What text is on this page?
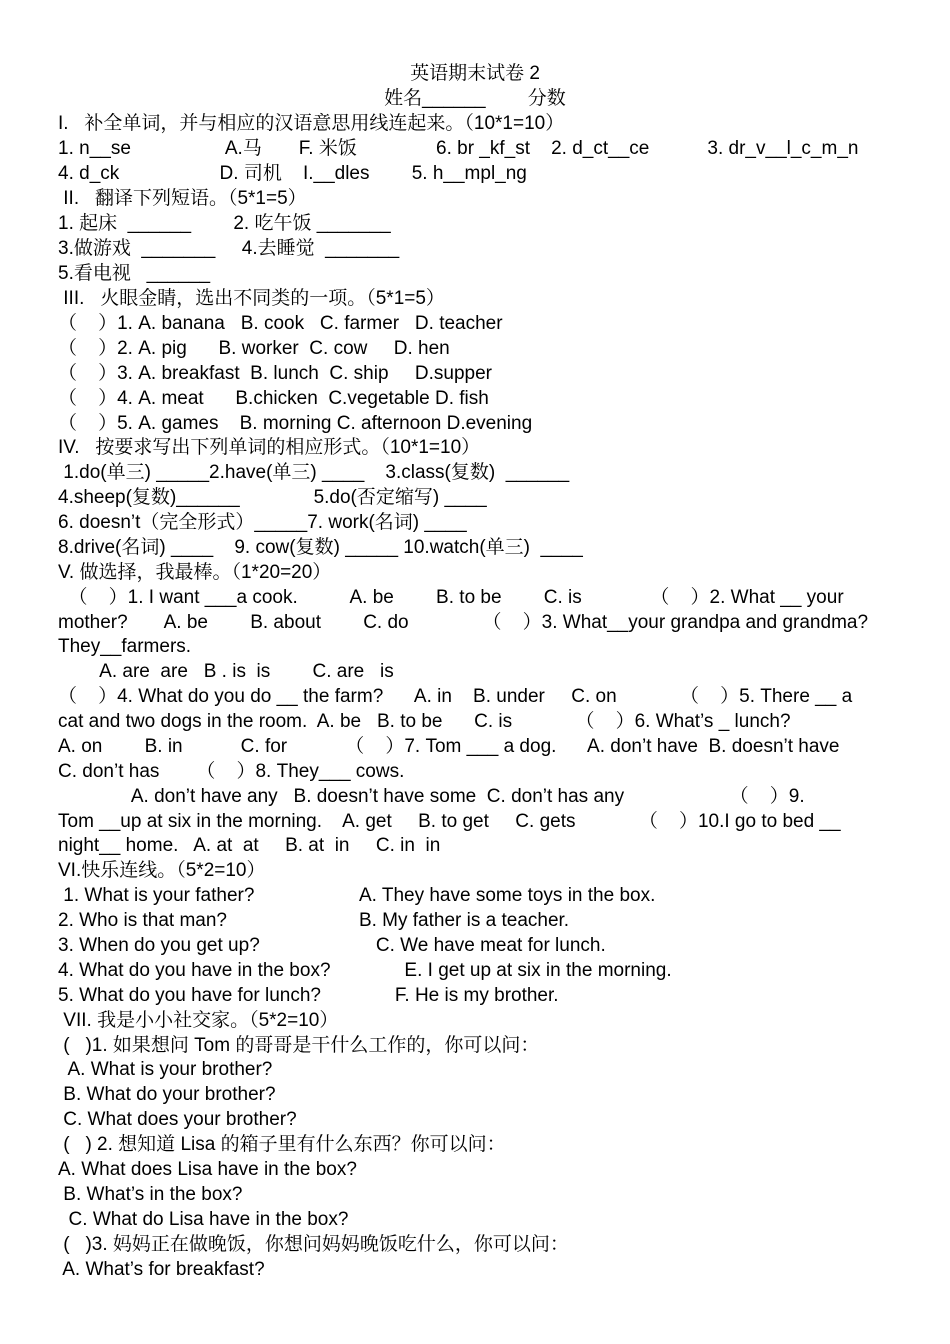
英语期末试卷 2
姓名______        分数
I.   补全单词，并与相应的汉语意思用线连起来。（10*1=10）
1. n__se                  A.马       F. 米饭               6. br _kf_st    2. d_ct__ce           3. dr_v__l_c_m_n
4. d_ck                   D. 司机    I.__dles        5. h__mpl_ng
II.   翻译下列短语。（5*1=5）
1. 起床  ______        2. 吃午饭 _______
3.做游戏  _______     4.去睡觉  _______
5.看电视   ______
III.   火眼金睛，选出不同类的一项。（5*1=5）
（    ）1. A. banana   B. cook   C. farmer   D. teacher
（    ）2. A. pig      B. worker  C. cow     D. hen
（    ）3. A. breakfast  B. lunch  C. ship     D.supper
（    ）4. A. meat      B.chicken  C.vegetable D. fish
（    ）5. A. games    B. morning C. afternoon D.evening
IV.   按要求写出下列单词的相应形式。（10*1=10）
1.do(单三) _____2.have(单三) ____    3.class(复数)  ______
4.sheep(复数)______              5.do(否定缩写) ____
6. doesn’t（完全形式）_____7. work(名词) ____
8.drive(名词) ____    9. cow(复数) _____ 10.watch(单三)  ____
V. 做选择，我最棒。（1*20=20）
（    ）1. I want ___a cook.          A. be        B. to be        C. is             （    ）2. What __ your
mother?       A. be        B. about        C. do              （    ）3. What__your grandpa and grandma?
They__farmers.
A. are  are   B . is  is        C. are   is
（    ）4. What do you do __ the farm?      A. in    B. under     C. on            （    ）5. There __ a
cat and two dogs in the room.  A. be   B. to be      C. is            （    ）6. What’s _ lunch?
A. on        B. in           C. for           （    ）7. Tom ___ a dog.      A. don’t have  B. doesn’t have
C. don’t has       （    ）8. They___ cows.
A. don’t have any   B. doesn’t have some  C. don’t has any                    （    ）9.
Tom __up at six in the morning.    A. get     B. to get     C. gets            （    ）10.I go to bed __
night__ home.   A. at  at     B. at  in     C. in  in
VI.快乐连线。（5*2=10）
1. What is your father?                    A. They have some toys in the box.
2. Who is that man?                         B. My father is a teacher.
3. When do you get up?                      C. We have meat for lunch.
4. What do you have in the box?              E. I get up at six in the morning.
5. What do you have for lunch?              F. He is my brother.
VII. 我是小小社交家。（5*2=10）
(   )1. 如果想问 Tom 的哥哥是干什么工作的，你可以问：
A. What is your brother?
B. What do your brother?
C. What does your brother?
(   ) 2. 想知道 Lisa 的箱子里有什么东西？你可以问：
A. What does Lisa have in the box?
B. What’s in the box?
C. What do Lisa have in the box?
(   )3. 妈妈正在做晚饭，你想问妈妈晚饭吃什么，你可以问：
A. What’s for breakfast?
